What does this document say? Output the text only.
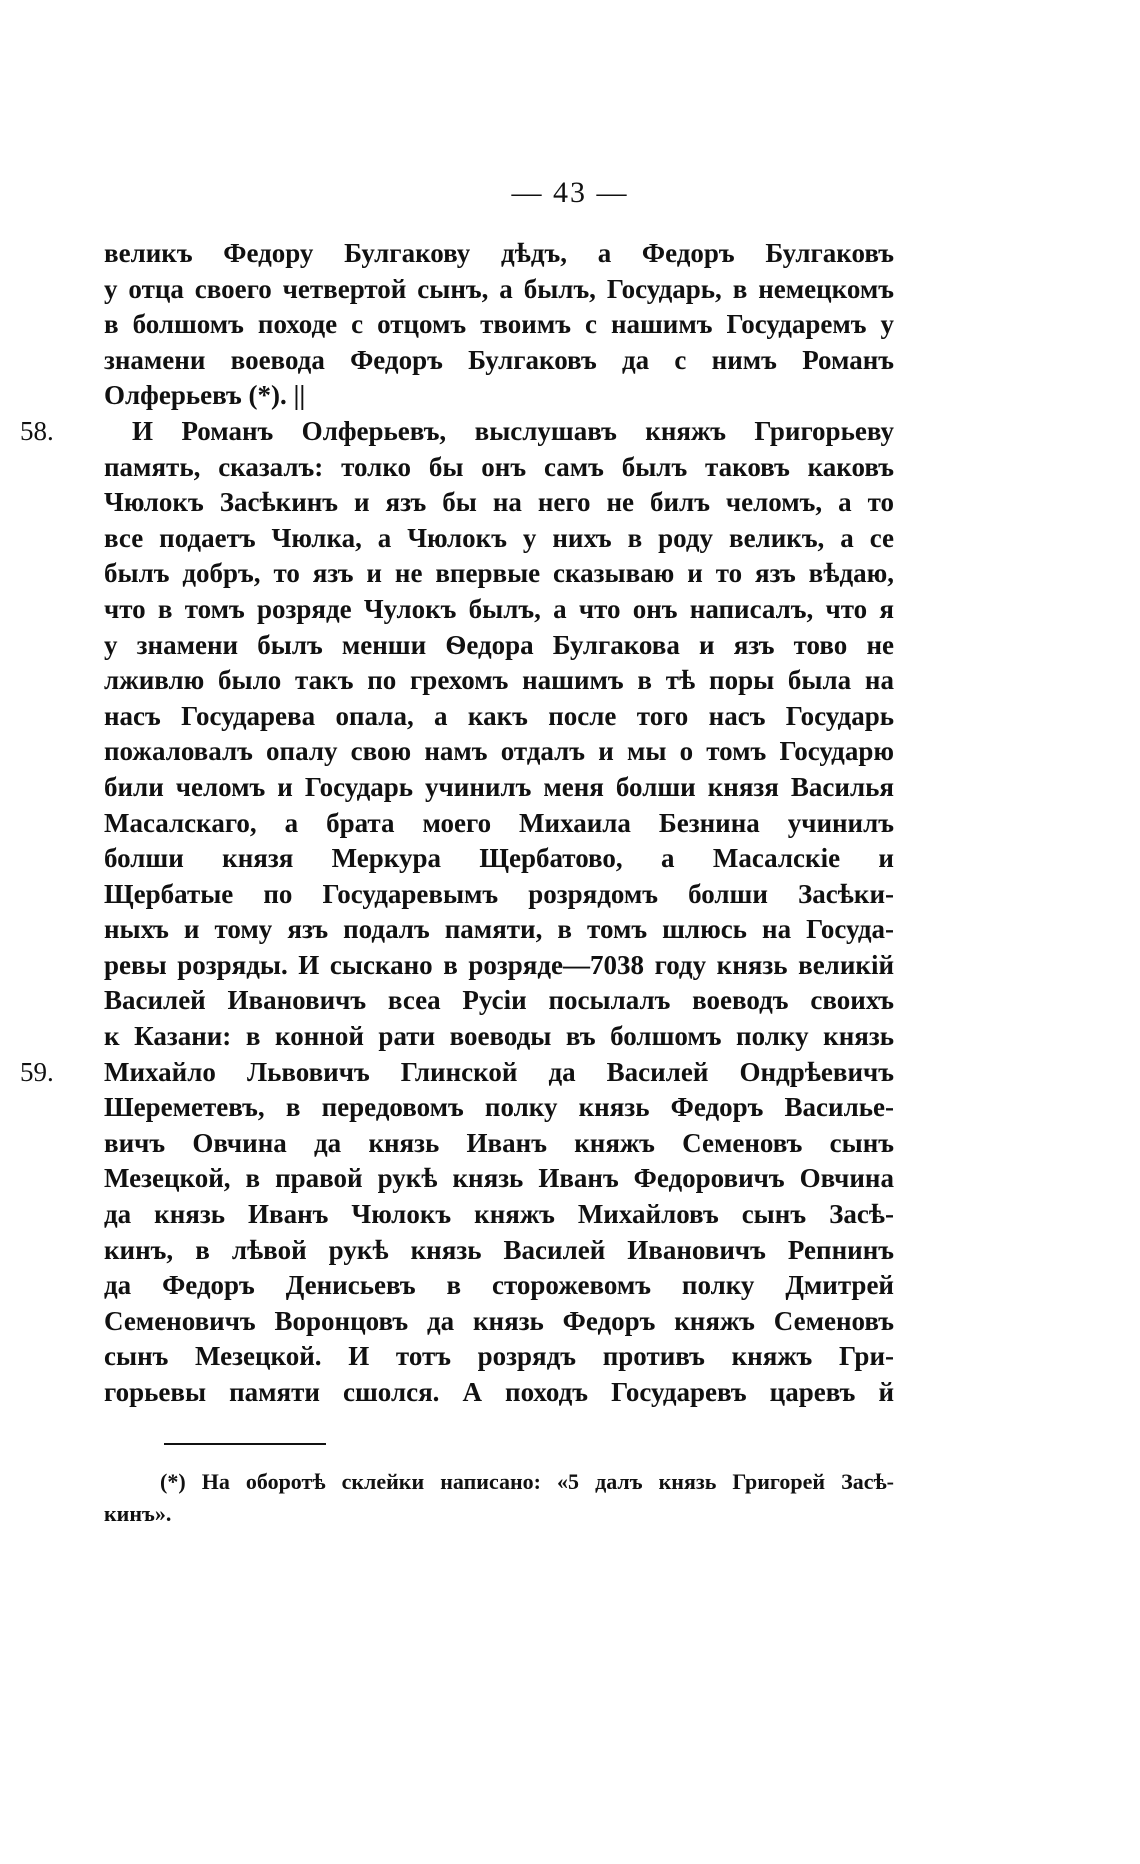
— 43 —
великъ Федору Булгакову дѣдъ, а Федоръ Булгаковъ
у отца своего четвертой сынъ, а былъ, Государь, в немецкомъ
в болшомъ походе с отцомъ твоимъ с нашимъ Государемъ у
знамени воевода Федоръ Булгаковъ да с нимъ Романъ
Олферьевъ (*). ||
58.	И Романъ Олферьевъ, выслушавъ княжъ Григорьеву
память, сказалъ: толко бы онъ самъ былъ таковъ каковъ
Чюлокъ Засѣкинъ и язъ бы на него не билъ челомъ, а то
все подаетъ Чюлка, а Чюлокъ у нихъ в роду великъ, а се
былъ добръ, то язъ и не впервые сказываю и то язъ вѣдаю,
что в томъ розряде Чулокъ былъ, а что онъ написалъ, что я
у знамени былъ менши Ѳедора Булгакова и язъ тово не
лживлю было такъ по грехомъ нашимъ в тѣ поры была на
насъ Государева опала, а какъ после того насъ Государь
пожаловалъ опалу свою намъ отдалъ и мы о томъ Государю
били челомъ и Государь учинилъ меня болши князя Василья
Масалскаго, а брата моего Михаила Безнина учинилъ
болши князя Меркура Щербатово, а Масалскіе и
Щербатые по Государевымъ розрядомъ болши Засѣки-
ныхъ и тому язъ подалъ памяти, в томъ шлюсь на Госуда-
ревы розряды. И сыскано в розряде—7038 году князь великій
Василей Ивановичъ всеа Русіи посылалъ воеводъ своихъ
к Казани: в конной рати воеводы въ болшомъ полку князь
59. Михайло Львовичъ Глинской да Василей Ондрѣевичъ
Шереметевъ, в передовомъ полку князь Федоръ Василье-
вичъ Овчина да князь Иванъ княжъ Семеновъ сынъ
Мезецкой, в правой рукѣ князь Иванъ Федоровичъ Овчина
да князь Иванъ Чюлокъ княжъ Михайловъ сынъ Засѣ-
кинъ, в лѣвой рукѣ князь Василей Ивановичъ Репнинъ
да Федоръ Денисьевъ в сторожевомъ полку Дмитрей
Семеновичъ Воронцовъ да князь Федоръ княжъ Семеновъ
сынъ Мезецкой. И тотъ розрядъ противъ княжъ Гри-
горьевы памяти сшолся. А походъ Государевъ царевъ й
(*) На оборотѣ склейки написано: «5 далъ князь Григорей Засѣ-
кинъ».
